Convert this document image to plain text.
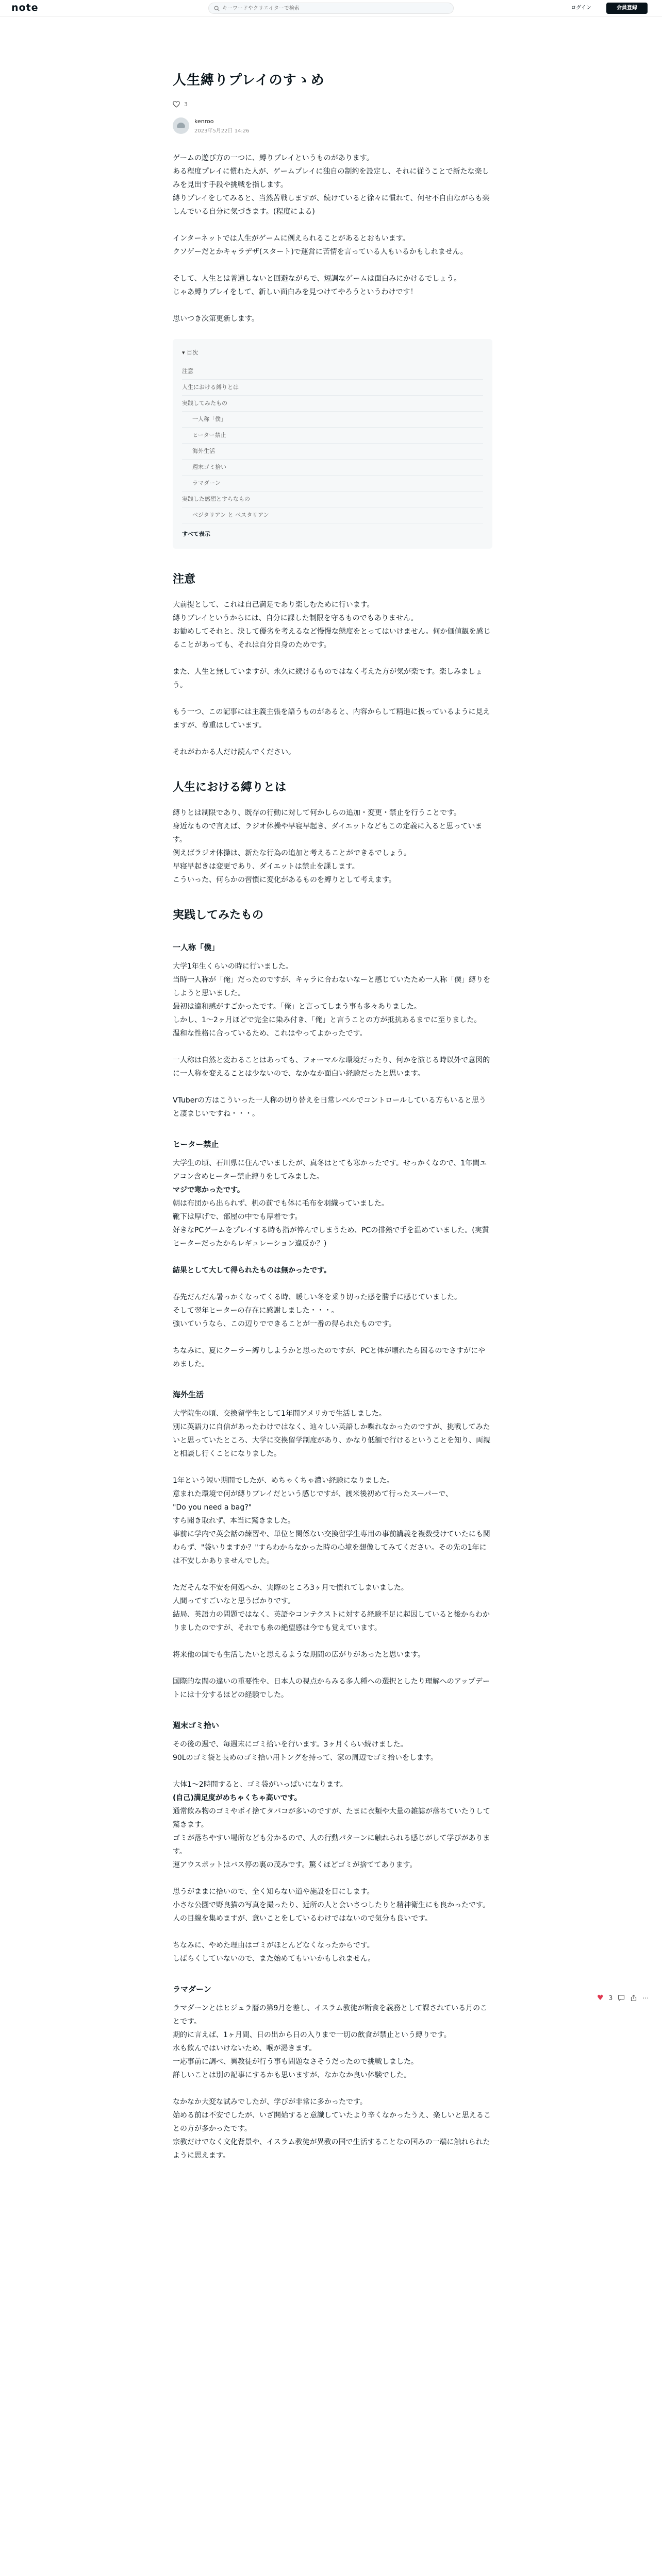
note
キーワードやクリエイターで検索	ログイン	会員登録
人生縛りプレイのすゝめ
3
kenroo
2023年5月22日 14:26

ゲームの遊び方の一つに、縛りプレイというものがあります。

ある程度プレイに慣れた人が、ゲームプレイに独自の制約を設定し、それに従うことで新たな楽しみを見出す手段や挑戦を指します。

縛りプレイをしてみると、当然苦戦しますが、続けていると徐々に慣れて、何せ不自由ながらも楽しんでいる自分に気づきます。(程度による)

インターネットでは人生がゲームに例えられることがあるとおもいます。

クソゲーだとかキャラデザ(スタート)で運営に苦情を言っている人もいるかもしれません。

そして、人生とは普通しないと回避ながらで、短調なゲームは面白みにかけるでしょう。

じゃあ縛りプレイをして、新しい面白みを見つけてやろうというわけです！

思いつき次第更新します。

▾ 目次
注意
人生における縛りとは
実践してみたもの
一人称「僕」
ヒーター禁止
海外生活
週末ゴミ拾い
ラマダーン
実践した感想とすらなもの
ベジタリアン と ベスタリアン
すべて表示
注意

大前提として、これは自己満足であり楽しむために行います。

縛りプレイというからには、自分に課した制限を守るものでもありません。

お勧めしてそれと、決して優劣を考えるなど慢慢な態度をとってはいけません。何か価値観を感じることがあっても、それは自分自身のためです。

また、人生と無していますが、永久に続けるものではなく考えた方が気が楽です。楽しみましょう。

もう一つ、この記事には主義主張を語うものがあると、内容からして精進に扱っているように見えますが、尊重はしています。

それがわかる人だけ読んでください。

人生における縛りとは

縛りとは制限であり、既存の行動に対して何かしらの追加・変更・禁止を行うことです。

身近なもので言えば、ラジオ体操や早寝早起き、ダイエットなどもこの定義に入ると思っています。

例えばラジオ体操は、新たな行為の追加と考えることができるでしょう。

早寝早起きは変更であり、ダイエットは禁止を課します。

こういった、何らかの習慣に変化があるものを縛りとして考えます。

実践してみたもの
一人称「僕」

大学1年生くらいの時に行いました。

当時一人称が「俺」だったのですが、キャラに合わないなーと感じていたため一人称「僕」縛りをしようと思いました。

最初は違和感がすごかったです。「俺」と言ってしまう事も多々ありました。

しかし、1〜2ヶ月ほどで完全に染み付き、「俺」と言うことの方が抵抗あるまでに至りました。

温和な性格に合っているため、これはやってよかったです。

一人称は自然と変わることはあっても、フォーマルな環境だったり、何かを演じる時以外で意図的に一人称を変えることは少ないので、なかなか面白い経験だったと思います。

VTuberの方はこういった一人称の切り替えを日常レベルでコントロールしている方もいると思うと凄まじいですね・・・。

ヒーター禁止

大学生の頃、石川県に住んでいましたが、真冬はとても寒かったです。せっかくなので、1年間エアコン含めヒーター禁止縛りをしてみました。

マジで寒かったです。

朝は布団から出られず、机の前でも体に毛布を羽織っていました。

靴下は厚げで、部屋の中でも厚着です。

好きなPCゲームをプレイする時も指が悴んでしまうため、PCの排熱で手を温めていました。(実質ヒーターだったからレギュレーション違反か？)

結果として大して得られたものは無かったです。

春先だんだん暑っかくなってくる時、暖しい冬を乗り切った感を勝手に感じていました。

そして翌年ヒーターの存在に感謝しました・・・。

強いていうなら、この辺りでできることが一番の得られたものです。

ちなみに、夏にクーラー縛りしようかと思ったのですが、PCと体が壊れたら困るのでさすがにやめました。

海外生活

大学院生の頃、交換留学生として1年間アメリカで生活しました。

別に英語力に自信があったわけではなく、辿々しい英語しか喋れなかったのですが、挑戦してみたいと思っていたところ、大学に交換留学制度があり、かなり低額で行けるということを知り、両親と相談し行くことになりました。

1年という短い期間でしたが、めちゃくちゃ濃い経験になりました。

意まれた環境で何が縛りプレイだという感じですが、渡米後初めて行ったスーパーで、

"Do you need a bag?"

すら聞き取れず、本当に驚きました。

事前に学内で英会話の練習や、単位と関係ない交換留学生専用の事前講義を複数受けていたにも関わらず、"袋いりますか？"すらわからなかった時の心境を想像してみてください。その先の1年には不安しかありませんでした。

ただそんな不安を何処へか、実際のところ3ヶ月で慣れてしまいました。

人間ってすごいなと思うばかりです。

結局、英語力の問題ではなく、英語やコンテクストに対する経験不足に起因していると後からわかりましたのですが、それでも糸の絶望感は今でも覚えています。

将来他の国でも生活したいと思えるような期間の広がりがあったと思います。

国際的な間の違いの重要性や、日本人の視点からみる多人種への選択としたり理解へのアップデートには十分するほどの経験でした。

週末ゴミ拾い

その後の週で、毎週末にゴミ拾いを行います。3ヶ月くらい続けました。

90Lのゴミ袋と長めのゴミ拾い用トングを持って、家の周辺でゴミ拾いをします。

大体1〜2時間すると、ゴミ袋がいっぱいになります。

(自己)満足度がめちゃくちゃ高いです。

通常飲み物のゴミやポイ捨てタバコが多いのですが、たまに衣類や大量の雑誌が落ちていたりして驚きます。

ゴミが落ちやすい場所なども分かるので、人の行動パターンに触れられる感じがして学びがあります。

運アウスポットはバス停の裏の茂みです。驚くほどゴミが捨ててあります。

思うがままに拾いので、全く知らない道や施設を目にします。

小さな公園で野良猫の写真を撮ったり、近所の人と会いさつしたりと精神衛生にも良かったです。

人の目線を集めますが、意いことをしているわけではないので気分も良いです。

ちなみに、やめた理由はゴミがほとんどなくなったからです。

しばらくしていないので、また始めてもいいかもしれません。

ラマダーン

ラマダーンとはヒジュラ暦の第9月を差し、イスラム教徒が断食を義務として課されている月のことです。

期的に言えば、1ヶ月間、日の出から日の入りまで一切の飲食が禁止という縛りです。

水も飲んではいけないため、喉が渇きます。

一応事前に調べ、異教徒が行う事も問題なさそうだったので挑戦しました。

詳しいことは別の記事にするかも思いますが、なかなか良い体験でした。

なかなか大変な試みでしたが、学びが非常に多かったです。

始める前は不安でしたが、いざ開始すると意識していたより辛くなかったうえ、楽しいと思えることの方が多かったです。

宗教だけでなく文化背景や、イスラム教徒が異教の国で生活することなの国みの一端に触れられたように思えます。

♥ 3	⋯
